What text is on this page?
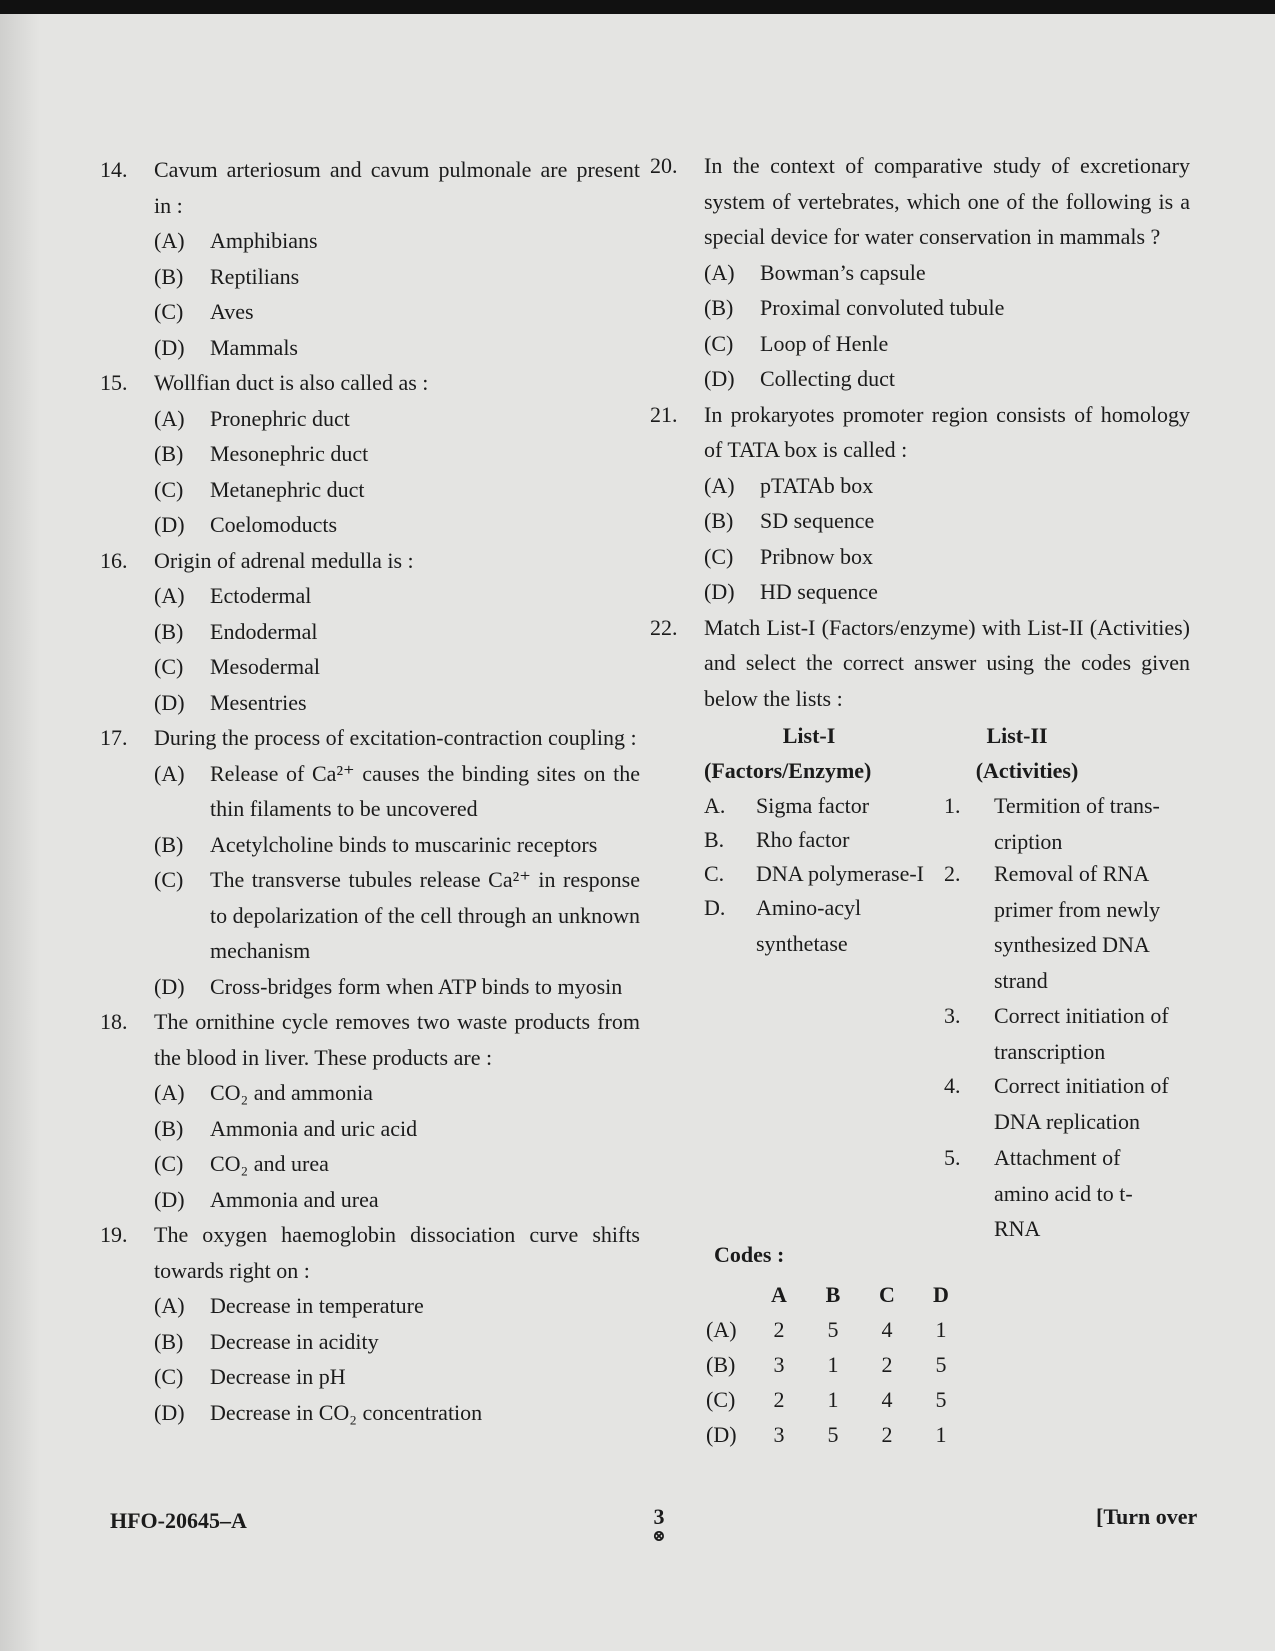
14.	Cavum arteriosum and cavum pulmonale are present in :
(A) Amphibians
(B) Reptilians
(C) Aves
(D) Mammals
15.	Wollfian duct is also called as :
(A) Pronephric duct
(B) Mesonephric duct
(C) Metanephric duct
(D) Coelomoducts
16.	Origin of adrenal medulla is :
(A) Ectodermal
(B) Endodermal
(C) Mesodermal
(D) Mesentries
17.	During the process of excitation-contraction coupling :
(A) Release of Ca²⁺ causes the binding sites on the thin filaments to be uncovered
(B) Acetylcholine binds to muscarinic receptors
(C) The transverse tubules release Ca²⁺ in response to depolarization of the cell through an unknown mechanism
(D) Cross-bridges form when ATP binds to myosin
18.	The ornithine cycle removes two waste products from the blood in liver. These products are :
(A) CO₂ and ammonia
(B) Ammonia and uric acid
(C) CO₂ and urea
(D) Ammonia and urea
19.	The oxygen haemoglobin dissociation curve shifts towards right on :
(A) Decrease in temperature
(B) Decrease in acidity
(C) Decrease in pH
(D) Decrease in CO₂ concentration
20.	In the context of comparative study of excretionary system of vertebrates, which one of the following is a special device for water conservation in mammals ?
(A) Bowman’s capsule
(B) Proximal convoluted tubule
(C) Loop of Henle
(D) Collecting duct
21.	In prokaryotes promoter region consists of homology of TATA box is called :
(A) pTATAb box
(B) SD sequence
(C) Pribnow box
(D) HD sequence
22.	Match List-I (Factors/enzyme) with List-II (Activities) and select the correct answer using the codes given below the lists :
List-I
(Factors/Enzyme)
List-II
(Activities)
A.	Sigma factor
B.	Rho factor
C.	DNA polymerase-I
D.	Amino-acyl synthetase
1.	Termition of trans-cription
2.	Removal of RNA primer from newly synthesized DNA strand
3.	Correct initiation of transcription
4.	Correct initiation of DNA replication
5.	Attachment of amino acid to t-RNA
Codes :
	A	B	C	D
(A)	2	5	4	1
(B)	3	1	2	5
(C)	2	1	4	5
(D)	3	5	2	1
HFO-20645–A	3
⊗
[Turn over
